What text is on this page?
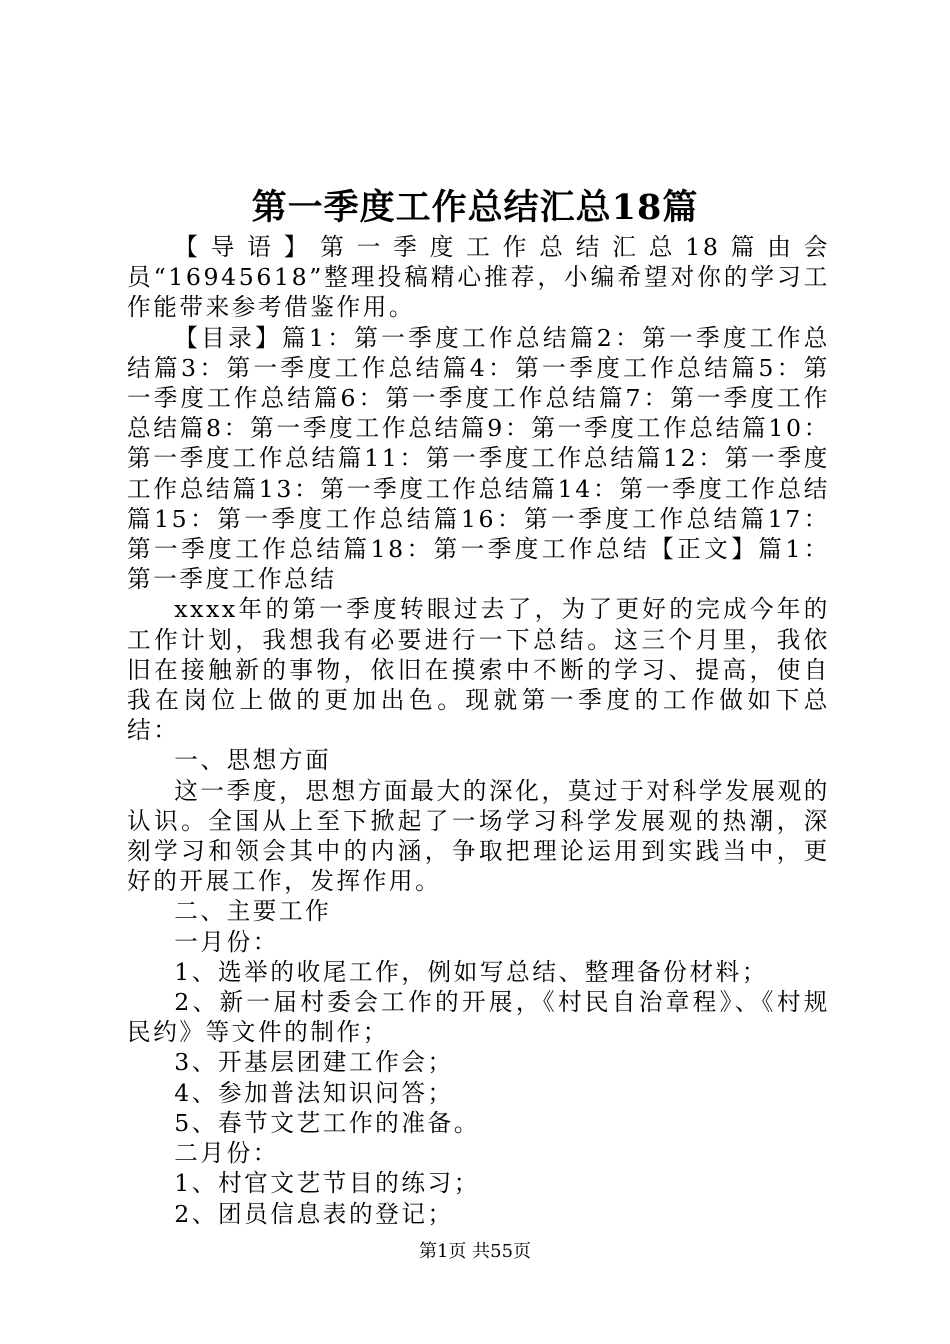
第一季度工作总结汇总18篇

【导语】第一季度工作总结汇总18篇由会员“16945618”整理投稿精心推荐，小编希望对你的学习工作能带来参考借鉴作用。

【目录】篇1：第一季度工作总结篇2：第一季度工作总结篇3：第一季度工作总结篇4：第一季度工作总结篇5：第一季度工作总结篇6：第一季度工作总结篇7：第一季度工作总结篇8：第一季度工作总结篇9：第一季度工作总结篇10：第一季度工作总结篇11：第一季度工作总结篇12：第一季度工作总结篇13：第一季度工作总结篇14：第一季度工作总结篇15：第一季度工作总结篇16：第一季度工作总结篇17：第一季度工作总结篇18：第一季度工作总结【正文】篇1：第一季度工作总结

xxxx年的第一季度转眼过去了，为了更好的完成今年的工作计划，我想我有必要进行一下总结。这三个月里，我依旧在接触新的事物，依旧在摸索中不断的学习、提高，使自我在岗位上做的更加出色。现就第一季度的工作做如下总结：

一、思想方面

这一季度，思想方面最大的深化，莫过于对科学发展观的认识。全国从上至下掀起了一场学习科学发展观的热潮，深刻学习和领会其中的内涵，争取把理论运用到实践当中，更好的开展工作，发挥作用。

二、主要工作

一月份：

1、选举的收尾工作，例如写总结、整理备份材料；

2、新一届村委会工作的开展，《村民自治章程》、《村规民约》等文件的制作；

3、开基层团建工作会；

4、参加普法知识问答；

5、春节文艺工作的准备。

二月份：

1、村官文艺节目的练习；

2、团员信息表的登记；

第1页 共55页
